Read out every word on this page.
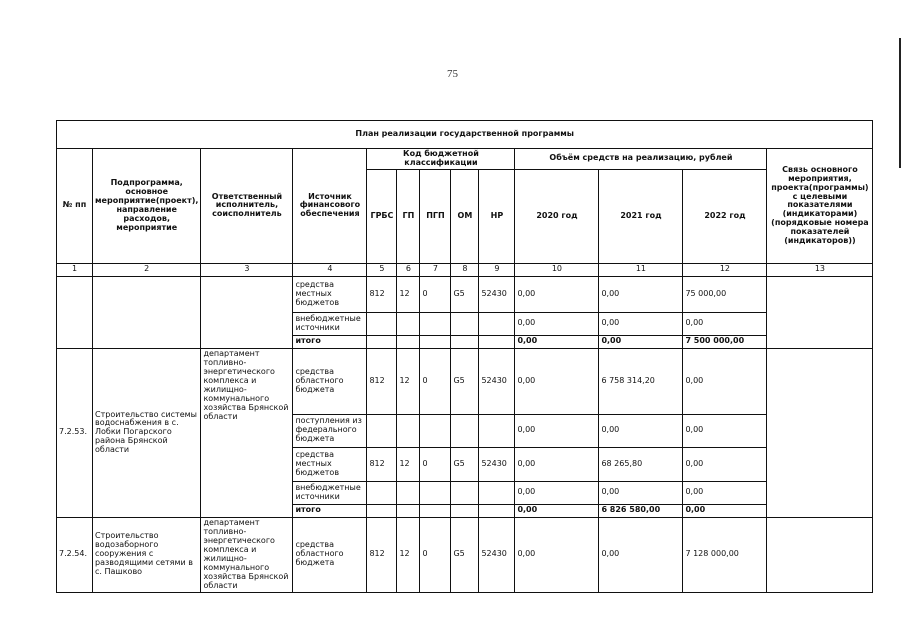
75
План реализации государственной программы												
№ пп	Подпрограмма, основное мероприятие(проект), направление расходов, мероприятие	Ответственный исполнитель, соисполнитель	Источник финансового обеспечения	Код бюджетной классификации					Объём средств на реализацию, рублей			Связь основного мероприятия, проекта(программы) с целевыми показателями (индикаторами) (порядковые номера показателей (индикаторов))
				ГРБС	ГП	ПГП	ОМ	НР	2020 год	2021 год	2022 год	
1	2	3	4	5	6	7	8	9	10	11	12	13
			средства местных бюджетов	812	12	0	G5	52430	0,00	0,00	75 000,00	
			внебюджетные источники						0,00	0,00	0,00	
			итого						0,00	0,00	7 500 000,00	
7.2.53.	Строительство системы водоснабжения в с. Лобки Погарского района Брянской области	департамент топливно-энергетического комплекса и жилищно-коммунального хозяйства Брянской области	средства областного бюджета	812	12	0	G5	52430	0,00	6 758 314,20	0,00	
			поступления из федерального бюджета						0,00	0,00	0,00	
			средства местных бюджетов	812	12	0	G5	52430	0,00	68 265,80	0,00	
			внебюджетные источники						0,00	0,00	0,00	
			итого						0,00	6 826 580,00	0,00	
7.2.54.	Строительство водозаборного сооружения с разводящими сетями в с. Пашково	департамент топливно-энергетического комплекса и жилищно-коммунального хозяйства Брянской области	средства областного бюджета	812	12	0	G5	52430	0,00	0,00	7 128 000,00	
